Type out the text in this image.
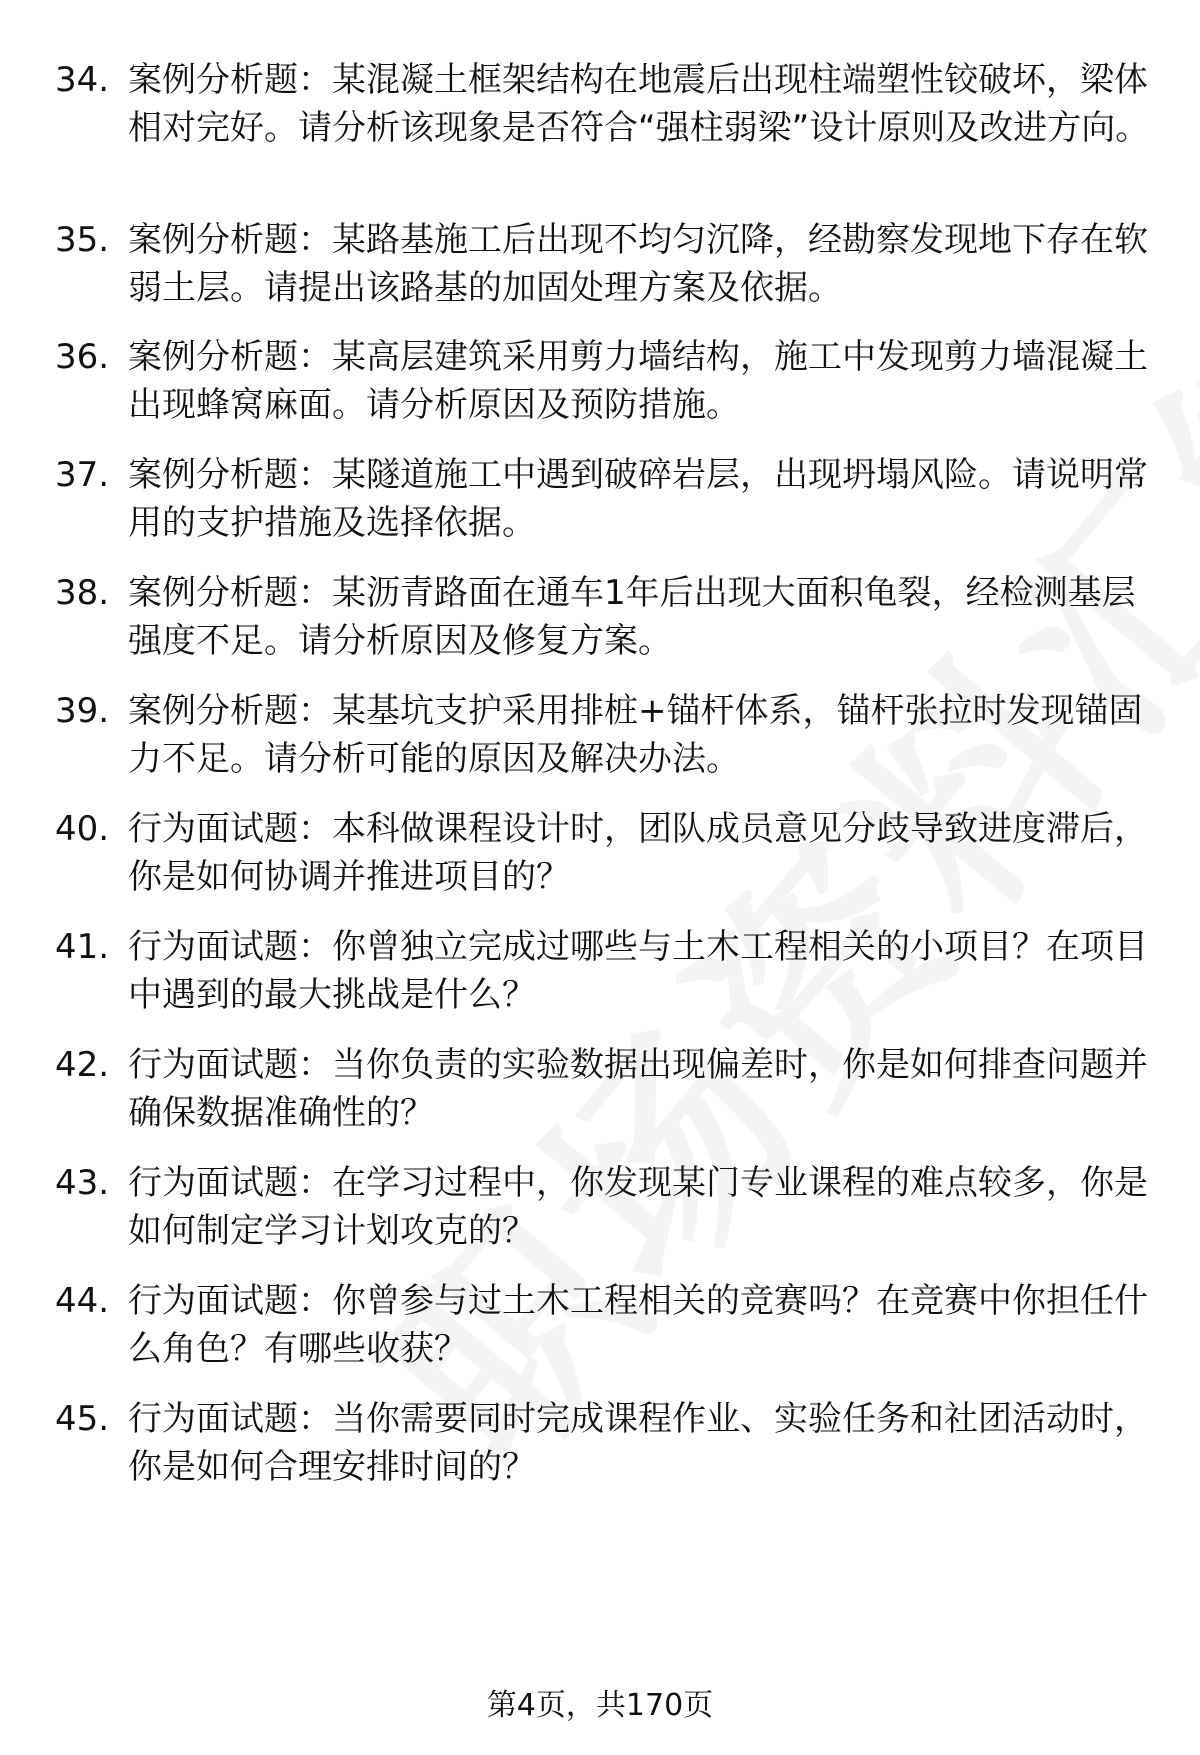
34. 案例分析题：某混凝土框架结构在地震后出现柱端塑性铰破坏，梁体相对完好。请分析该现象是否符合“强柱弱梁”设计原则及改进方向。
35. 案例分析题：某路基施工后出现不均匀沉降，经勘察发现地下存在软弱土层。请提出该路基的加固处理方案及依据。
36. 案例分析题：某高层建筑采用剪力墙结构，施工中发现剪力墙混凝土出现蜂窝麻面。请分析原因及预防措施。
37. 案例分析题：某隧道施工中遇到破碎岩层，出现坍塌风险。请说明常用的支护措施及选择依据。
38. 案例分析题：某沥青路面在通车1年后出现大面积龟裂，经检测基层强度不足。请分析原因及修复方案。
39. 案例分析题：某基坑支护采用排桩+锚杆体系，锚杆张拉时发现锚固力不足。请分析可能的原因及解决办法。
40. 行为面试题：本科做课程设计时，团队成员意见分歧导致进度滞后，你是如何协调并推进项目的？
41. 行为面试题：你曾独立完成过哪些与土木工程相关的小项目？在项目中遇到的最大挑战是什么？
42. 行为面试题：当你负责的实验数据出现偏差时，你是如何排查问题并确保数据准确性的？
43. 行为面试题：在学习过程中，你发现某门专业课程的难点较多，你是如何制定学习计划攻克的？
44. 行为面试题：你曾参与过土木工程相关的竞赛吗？在竞赛中你担任什么角色？有哪些收获？
45. 行为面试题：当你需要同时完成课程作业、实验任务和社团活动时，你是如何合理安排时间的？
第4页，共170页
